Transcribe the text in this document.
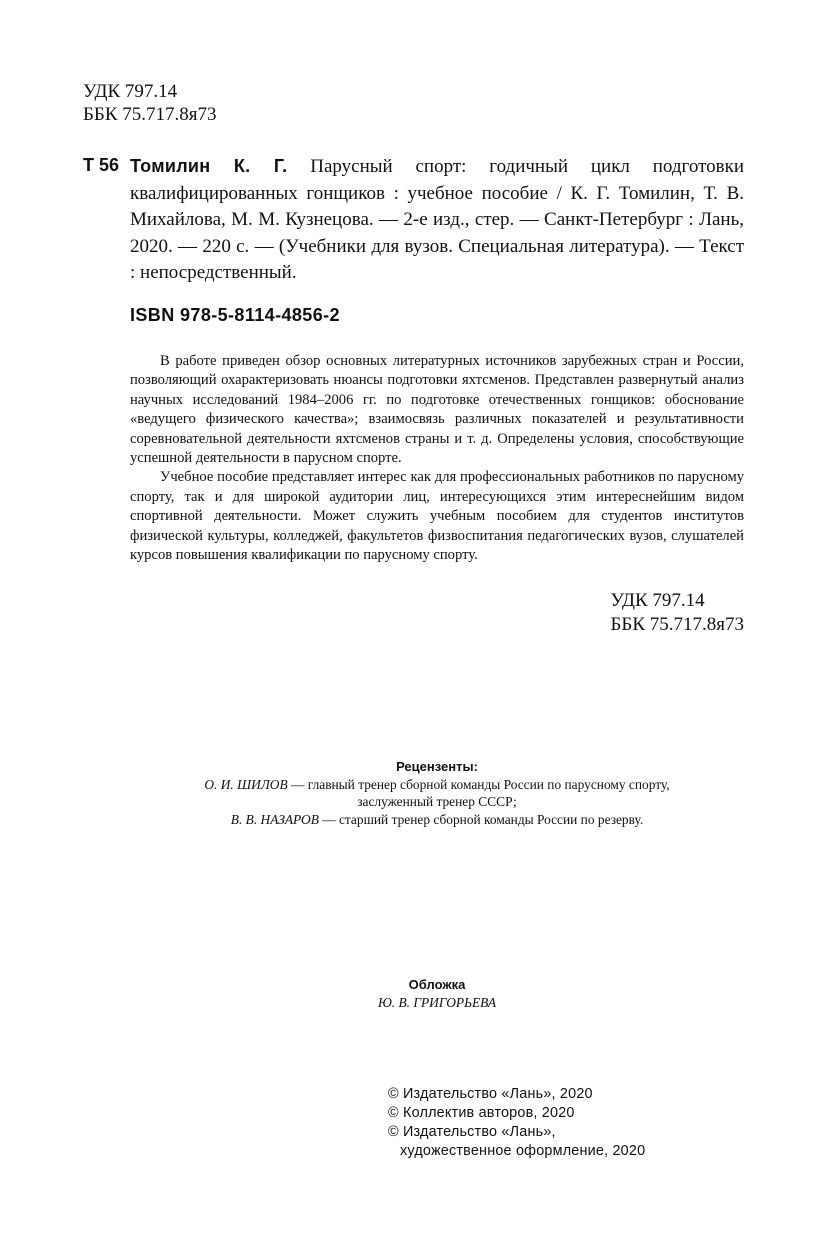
УДК 797.14
ББК 75.717.8я73
Т 56 Томилин К. Г. Парусный спорт: годичный цикл подготовки квалифицированных гонщиков : учебное пособие / К. Г. Томилин, Т. В. Михайлова, М. М. Кузнецова. — 2-е изд., стер. — Санкт-Петербург : Лань, 2020. — 220 с. — (Учебники для вузов. Специальная литература). — Текст : непосредственный.
ISBN 978-5-8114-4856-2

В работе приведен обзор основных литературных источников зарубежных стран и России, позволяющий охарактеризовать нюансы подготовки яхтсменов. Представлен развернутый анализ научных исследований 1984–2006 гг. по подготовке отечественных гонщиков: обоснование «ведущего физического качества»; взаимосвязь различных показателей и результативности соревновательной деятельности яхтсменов страны и т. д. Определены условия, способствующие успешной деятельности в парусном спорте.

Учебное пособие представляет интерес как для профессиональных работников по парусному спорту, так и для широкой аудитории лиц, интересующихся этим интереснейшим видом спортивной деятельности. Может служить учебным пособием для студентов институтов физической культуры, колледжей, факультетов физвоспитания педагогических вузов, слушателей курсов повышения квалификации по парусному спорту.

УДК 797.14
ББК 75.717.8я73
Рецензенты:
О. И. ШИЛОВ — главный тренер сборной команды России по парусному спорту,
заслуженный тренер СССР;
В. В. НАЗАРОВ — старший тренер сборной команды России по резерву.
Обложка
Ю. В. ГРИГОРЬЕВА
© Издательство «Лань», 2020
© Коллектив авторов, 2020
© Издательство «Лань»,
художественное оформление, 2020
